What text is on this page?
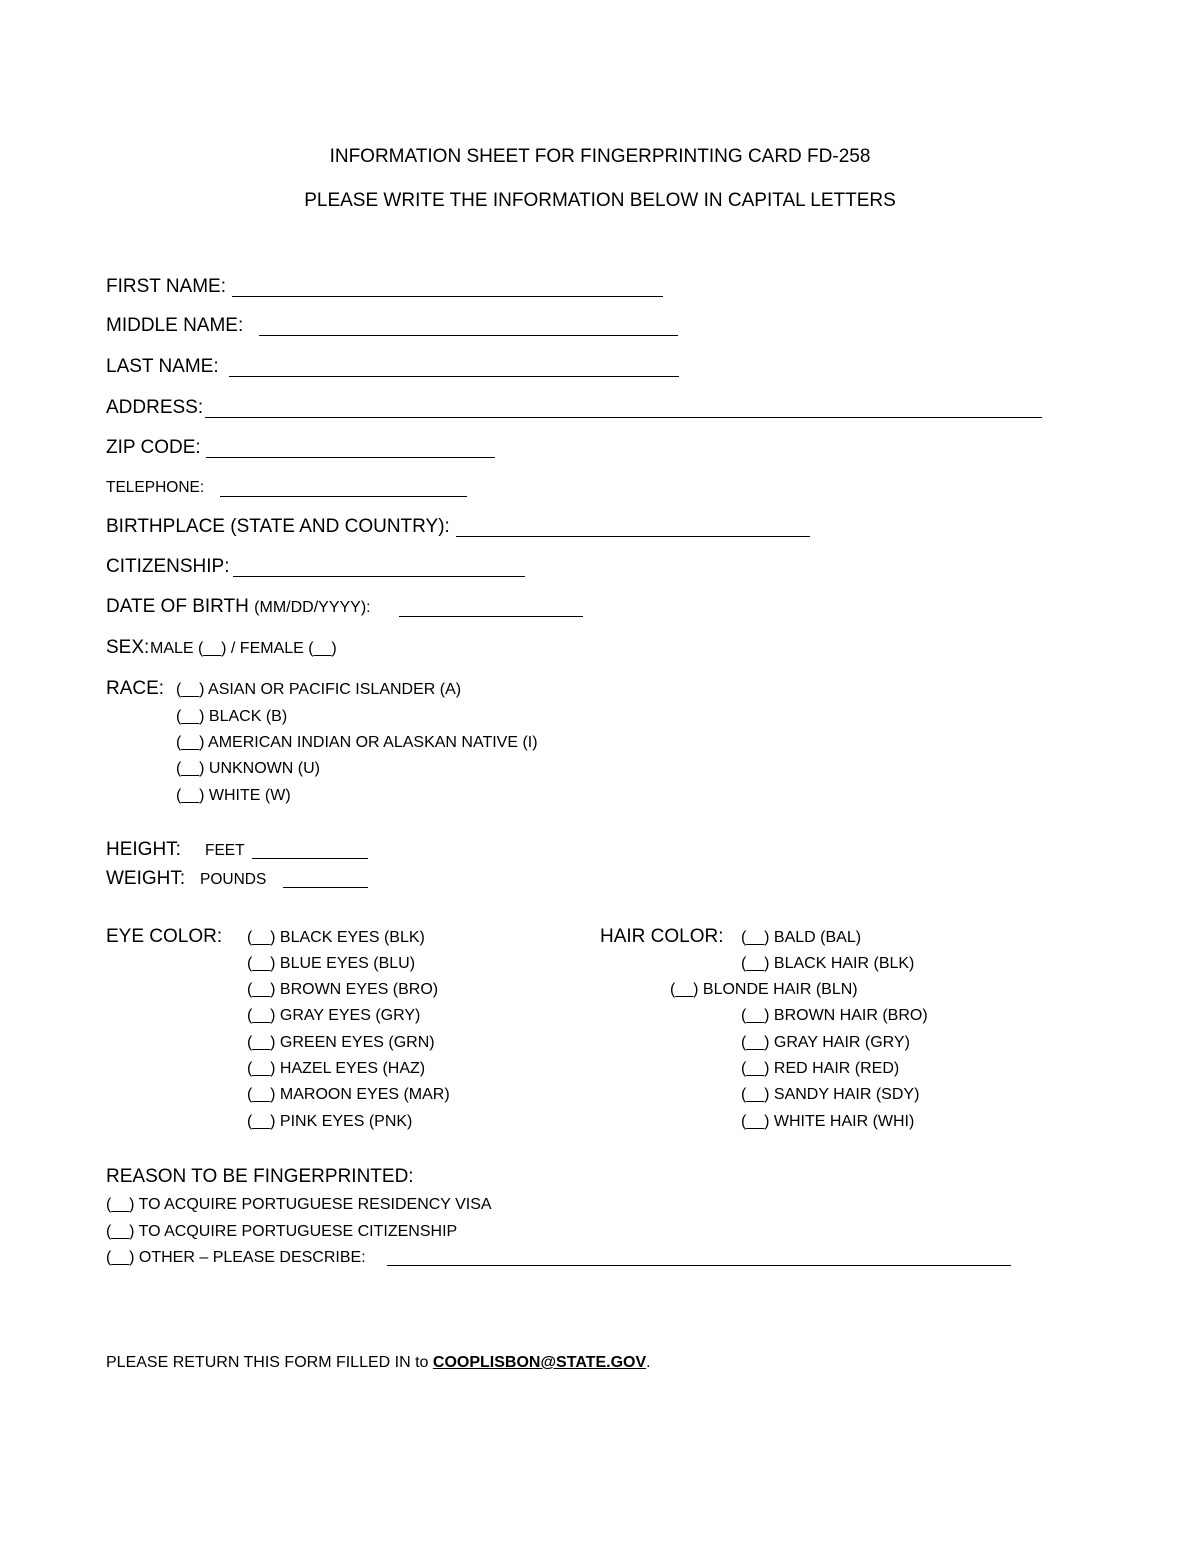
INFORMATION SHEET FOR FINGERPRINTING CARD FD-258
PLEASE WRITE THE INFORMATION BELOW IN CAPITAL LETTERS
FIRST NAME:
MIDDLE NAME:
LAST NAME:
ADDRESS:
ZIP CODE:
TELEPHONE:
BIRTHPLACE (STATE AND COUNTRY):
CITIZENSHIP:
DATE OF BIRTH (MM/DD/YYYY):
SEX: MALE (__) / FEMALE (__)
RACE: (__) ASIAN OR PACIFIC ISLANDER (A)
(__) BLACK (B)
(__) AMERICAN INDIAN OR ALASKAN NATIVE (I)
(__) UNKNOWN (U)
(__) WHITE (W)
HEIGHT: FEET
WEIGHT: POUNDS
EYE COLOR: (__) BLACK EYES (BLK)
(__) BLUE EYES (BLU)
(__) BROWN EYES (BRO)
(__) GRAY EYES (GRY)
(__) GREEN EYES (GRN)
(__) HAZEL EYES (HAZ)
(__) MAROON EYES (MAR)
(__) PINK EYES (PNK)
HAIR COLOR: (__) BALD (BAL)
(__) BLACK HAIR (BLK)
(__) BLONDE HAIR (BLN)
(__) BROWN HAIR (BRO)
(__) GRAY HAIR (GRY)
(__) RED HAIR (RED)
(__) SANDY HAIR (SDY)
(__) WHITE HAIR (WHI)
REASON TO BE FINGERPRINTED:
(__) TO ACQUIRE PORTUGUESE RESIDENCY VISA
(__) TO ACQUIRE PORTUGUESE CITIZENSHIP
(__) OTHER – PLEASE DESCRIBE:
PLEASE RETURN THIS FORM FILLED IN to COOPLISBON@STATE.GOV.
